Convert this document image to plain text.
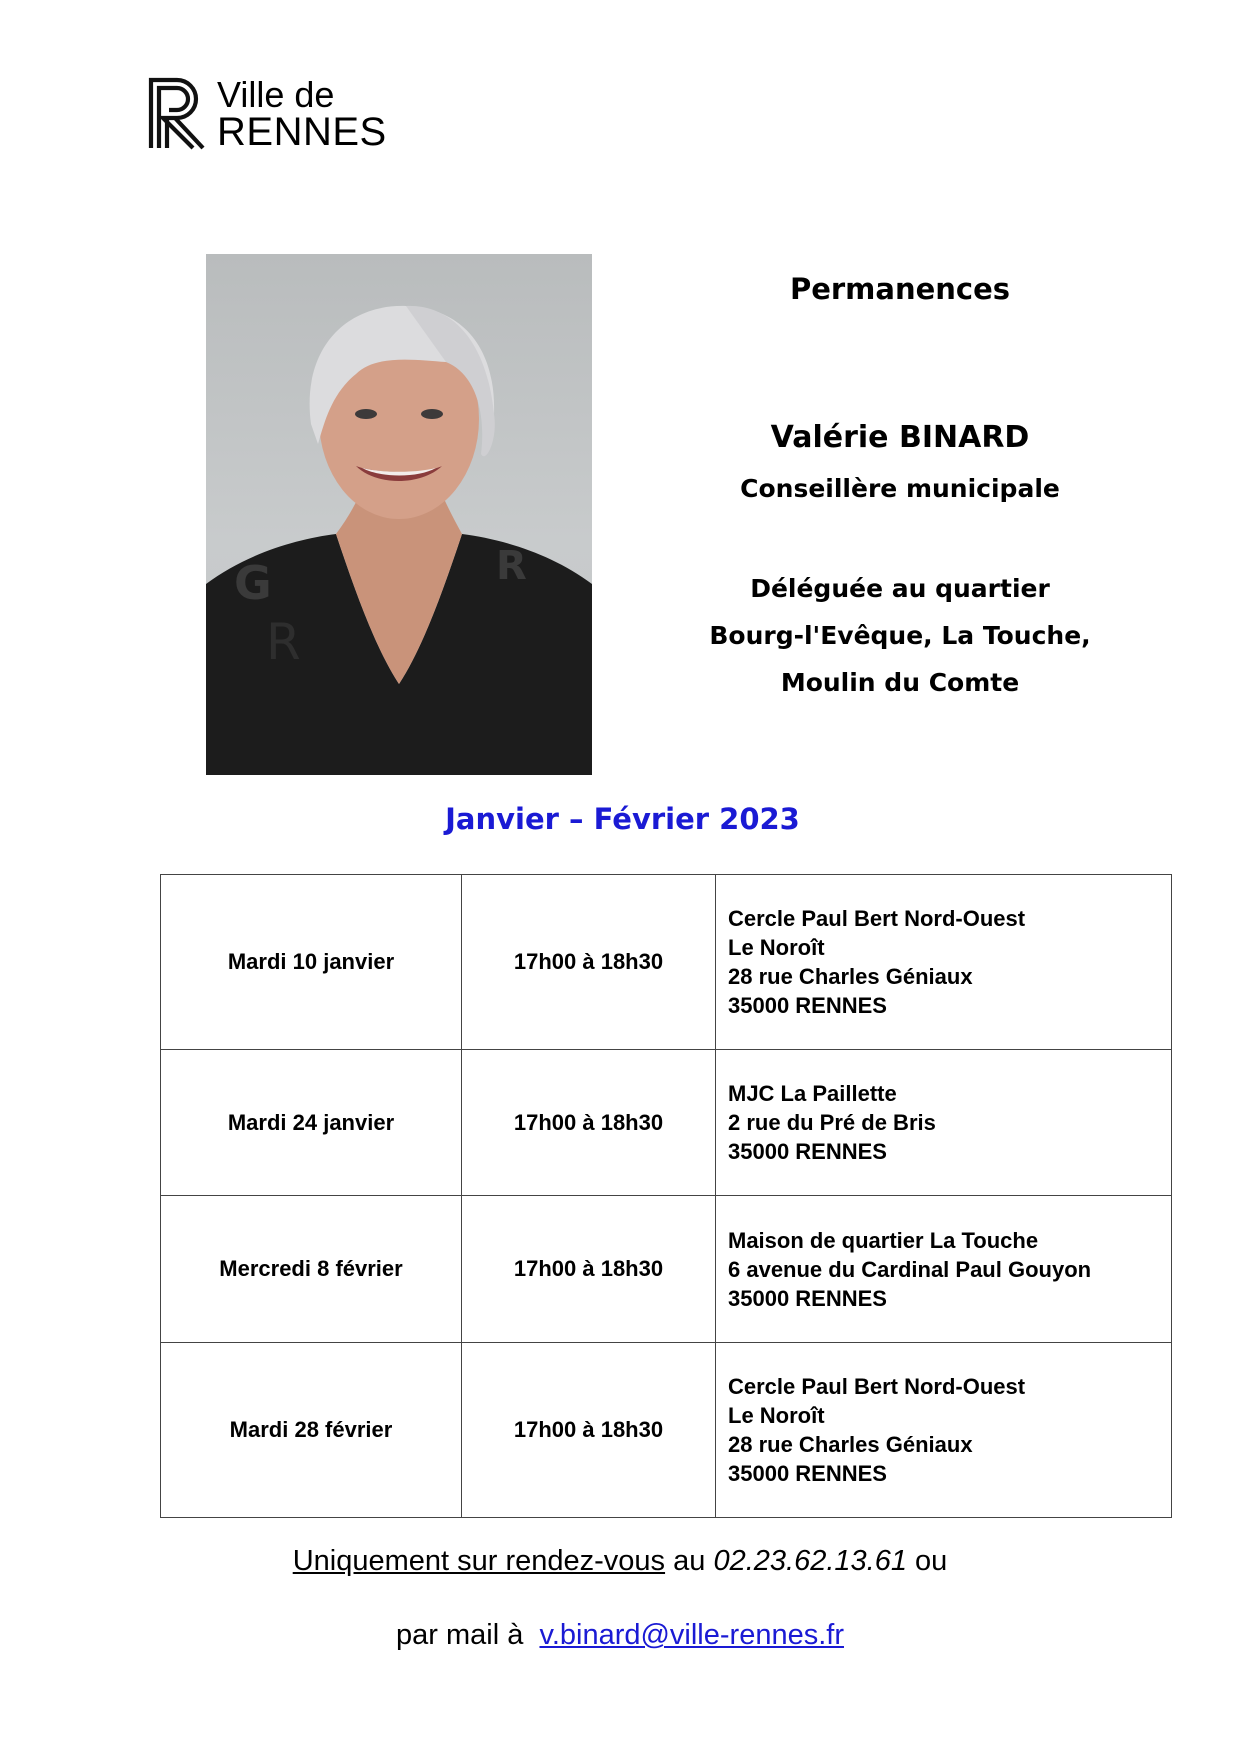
Ville de
RENNES
G	R
R
Permanences
Valérie BINARD
Conseillère municipale
Déléguée au quartier
Bourg-l'Evêque, La Touche,
Moulin du Comte
Janvier – Février 2023
Mardi 10 janvier	17h00 à 18h30	Cercle Paul Bert Nord-Ouest
Le Noroît
28 rue Charles Géniaux
35000 RENNES

Mardi 24 janvier	17h00 à 18h30	MJC La Paillette
2 rue du Pré de Bris
35000 RENNES

Mercredi 8 février	17h00 à 18h30	Maison de quartier La Touche
6 avenue du Cardinal Paul Gouyon
35000 RENNES

Mardi 28 février	17h00 à 18h30	Cercle Paul Bert Nord-Ouest
Le Noroît
28 rue Charles Géniaux
35000 RENNES
Uniquement sur rendez-vous au 02.23.62.13.61 ou
par mail à  v.binard@ville-rennes.fr
